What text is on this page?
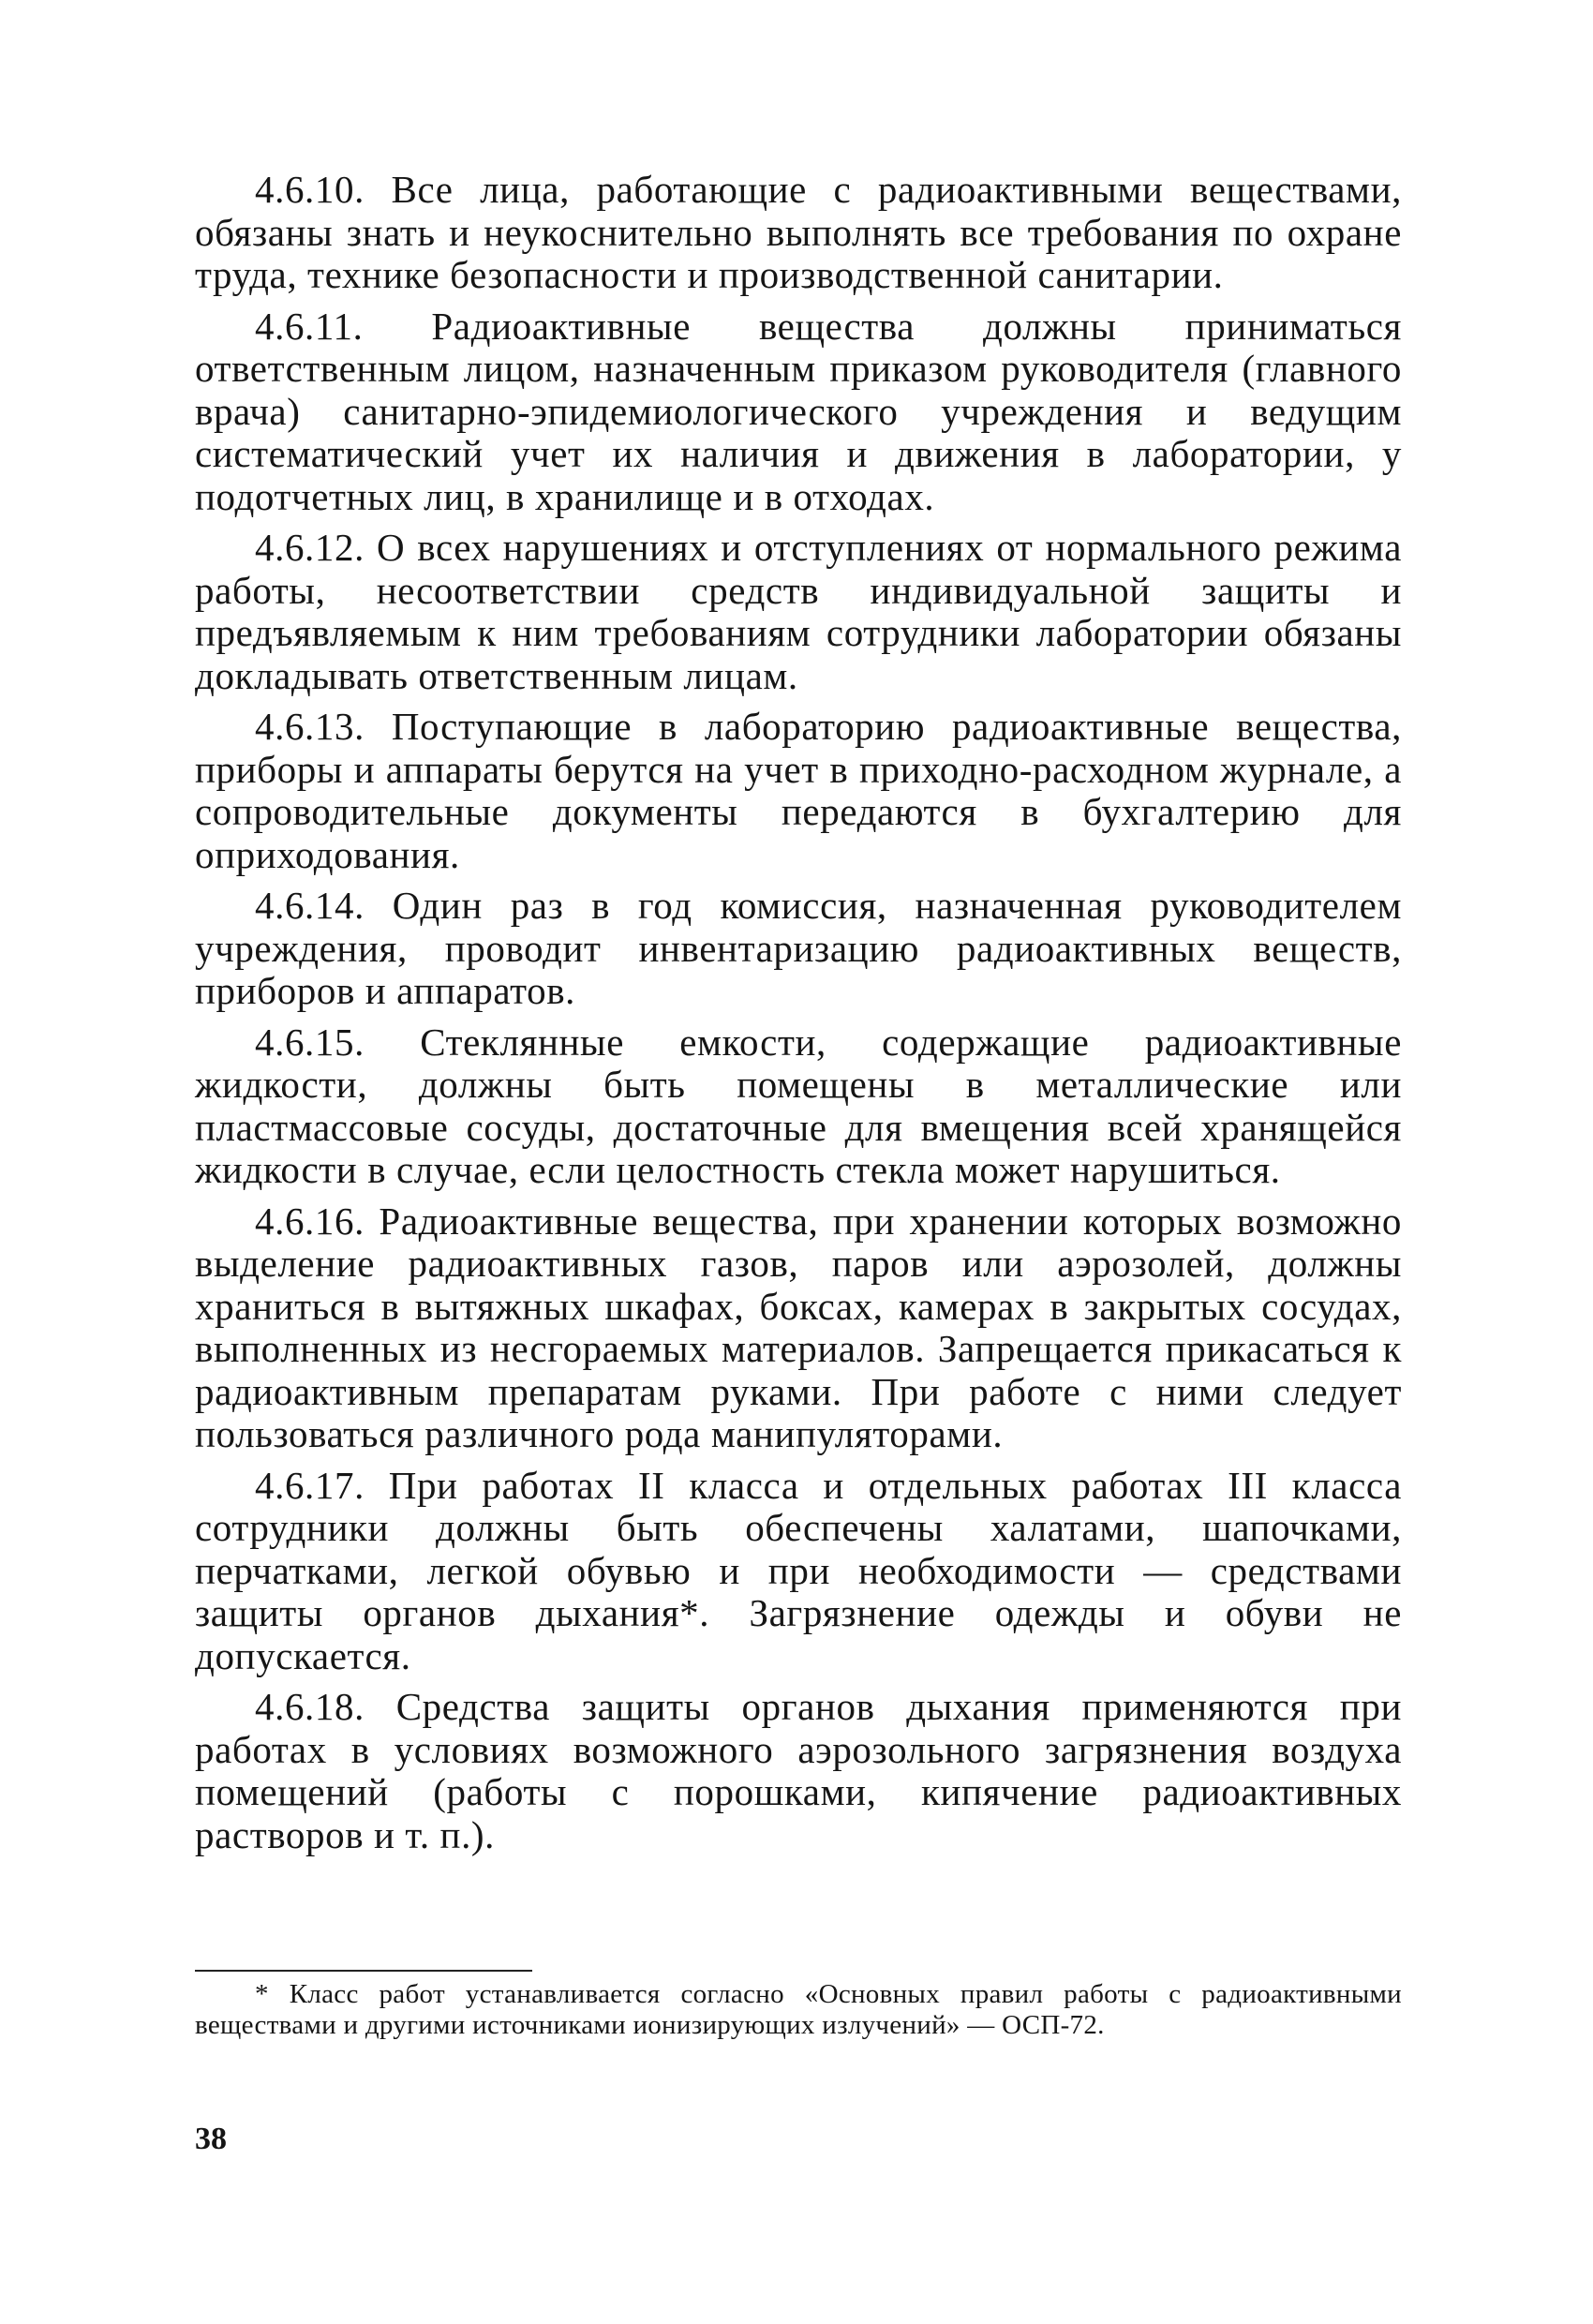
4.6.10. Все лица, работающие с радиоактивными веществами, обязаны знать и неукоснительно выполнять все требования по охране труда, технике безопасности и производственной санитарии.

4.6.11. Радиоактивные вещества должны приниматься ответственным лицом, назначенным приказом руководителя (главного врача) санитарно-эпидемиологического учреждения и ведущим систематический учет их наличия и движения в лаборатории, у подотчетных лиц, в хранилище и в отходах.

4.6.12. О всех нарушениях и отступлениях от нормального режима работы, несоответствии средств индивидуальной защиты и предъявляемым к ним требованиям сотрудники лаборатории обязаны докладывать ответственным лицам.

4.6.13. Поступающие в лабораторию радиоактивные вещества, приборы и аппараты берутся на учет в приходно-расходном журнале, а сопроводительные документы передаются в бухгалтерию для оприходования.

4.6.14. Один раз в год комиссия, назначенная руководителем учреждения, проводит инвентаризацию радиоактивных веществ, приборов и аппаратов.

4.6.15. Стеклянные емкости, содержащие радиоактивные жидкости, должны быть помещены в металлические или пластмассовые сосуды, достаточные для вмещения всей хранящейся жидкости в случае, если целостность стекла может нарушиться.

4.6.16. Радиоактивные вещества, при хранении которых возможно выделение радиоактивных газов, паров или аэрозолей, должны храниться в вытяжных шкафах, боксах, камерах в закрытых сосудах, выполненных из несгораемых материалов. Запрещается прикасаться к радиоактивным препаратам руками. При работе с ними следует пользоваться различного рода манипуляторами.

4.6.17. При работах II класса и отдельных работах III класса сотрудники должны быть обеспечены халатами, шапочками, перчатками, легкой обувью и при необходимости — средствами защиты органов дыхания*. Загрязнение одежды и обуви не допускается.

4.6.18. Средства защиты органов дыхания применяются при работах в условиях возможного аэрозольного загрязнения воздуха помещений (работы с порошками, кипячение радиоактивных растворов и т. п.).

* Класс работ устанавливается согласно «Основных правил работы с радиоактивными веществами и другими источниками ионизирующих излучений» — ОСП-72.

38
